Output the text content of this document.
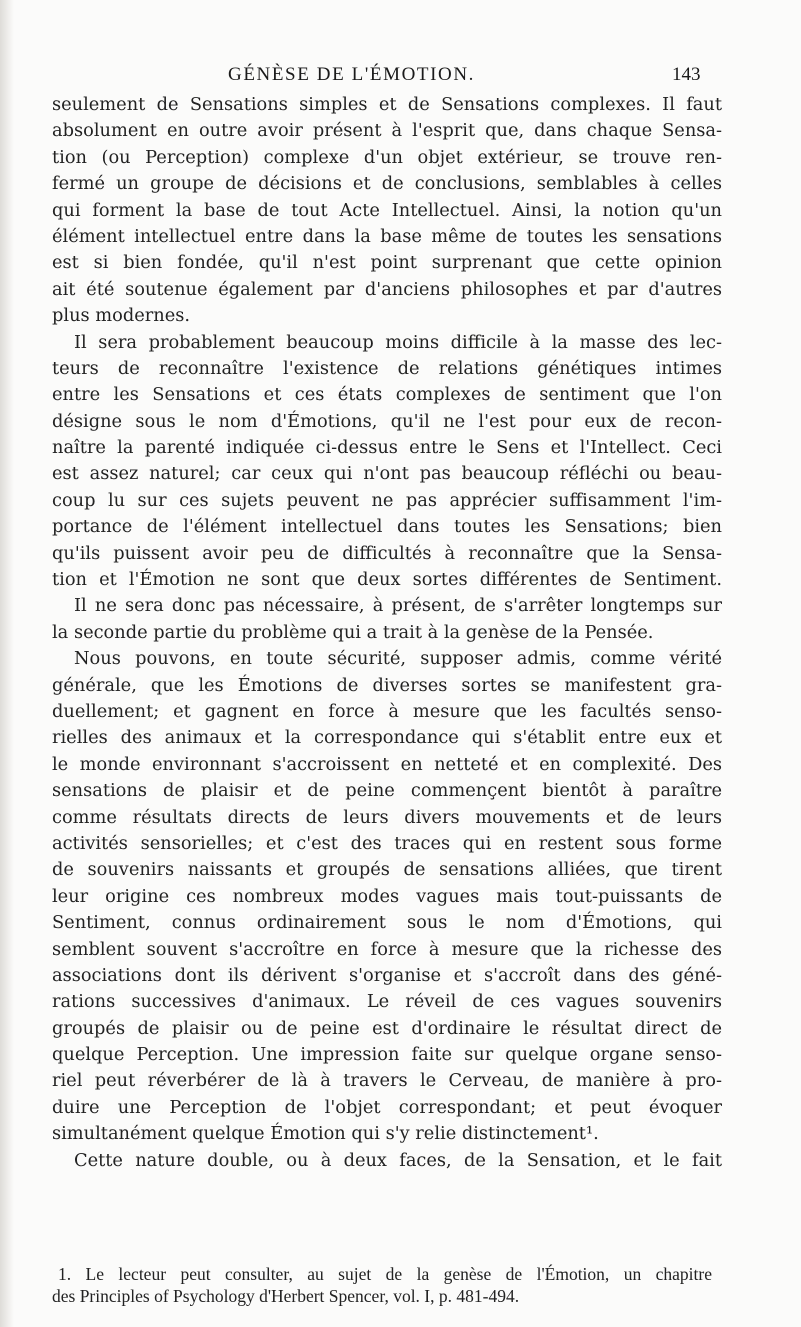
GÉNÈSE DE L'ÉMOTION.	143
seulement de Sensations simples et de Sensations complexes. Il faut
absolument en outre avoir présent à l'esprit que, dans chaque Sensa-
tion (ou Perception) complexe d'un objet extérieur, se trouve ren-
fermé un groupe de décisions et de conclusions, semblables à celles
qui forment la base de tout Acte Intellectuel. Ainsi, la notion qu'un
élément intellectuel entre dans la base même de toutes les sensations
est si bien fondée, qu'il n'est point surprenant que cette opinion
ait été soutenue également par d'anciens philosophes et par d'autres
plus modernes.
Il sera probablement beaucoup moins difficile à la masse des lec-
teurs de reconnaître l'existence de relations génétiques intimes
entre les Sensations et ces états complexes de sentiment que l'on
désigne sous le nom d'Émotions, qu'il ne l'est pour eux de recon-
naître la parenté indiquée ci-dessus entre le Sens et l'Intellect. Ceci
est assez naturel; car ceux qui n'ont pas beaucoup réfléchi ou beau-
coup lu sur ces sujets peuvent ne pas apprécier suffisamment l'im-
portance de l'élément intellectuel dans toutes les Sensations; bien
qu'ils puissent avoir peu de difficultés à reconnaître que la Sensa-
tion et l'Émotion ne sont que deux sortes différentes de Sentiment.
Il ne sera donc pas nécessaire, à présent, de s'arrêter longtemps sur
la seconde partie du problème qui a trait à la genèse de la Pensée.
Nous pouvons, en toute sécurité, supposer admis, comme vérité
générale, que les Émotions de diverses sortes se manifestent gra-
duellement; et gagnent en force à mesure que les facultés senso-
rielles des animaux et la correspondance qui s'établit entre eux et
le monde environnant s'accroissent en netteté et en complexité. Des
sensations de plaisir et de peine commençent bientôt à paraître
comme résultats directs de leurs divers mouvements et de leurs
activités sensorielles; et c'est des traces qui en restent sous forme
de souvenirs naissants et groupés de sensations alliées, que tirent
leur origine ces nombreux modes vagues mais tout-puissants de
Sentiment, connus ordinairement sous le nom d'Émotions, qui
semblent souvent s'accroître en force à mesure que la richesse des
associations dont ils dérivent s'organise et s'accroît dans des géné-
rations successives d'animaux. Le réveil de ces vagues souvenirs
groupés de plaisir ou de peine est d'ordinaire le résultat direct de
quelque Perception. Une impression faite sur quelque organe senso-
riel peut réverbérer de là à travers le Cerveau, de manière à pro-
duire une Perception de l'objet correspondant; et peut évoquer
simultanément quelque Émotion qui s'y relie distinctement¹.
Cette nature double, ou à deux faces, de la Sensation, et le fait
1. Le lecteur peut consulter, au sujet de la genèse de l'Émotion, un chapitre
des Principles of Psychology d'Herbert Spencer, vol. I, p. 481-494.
